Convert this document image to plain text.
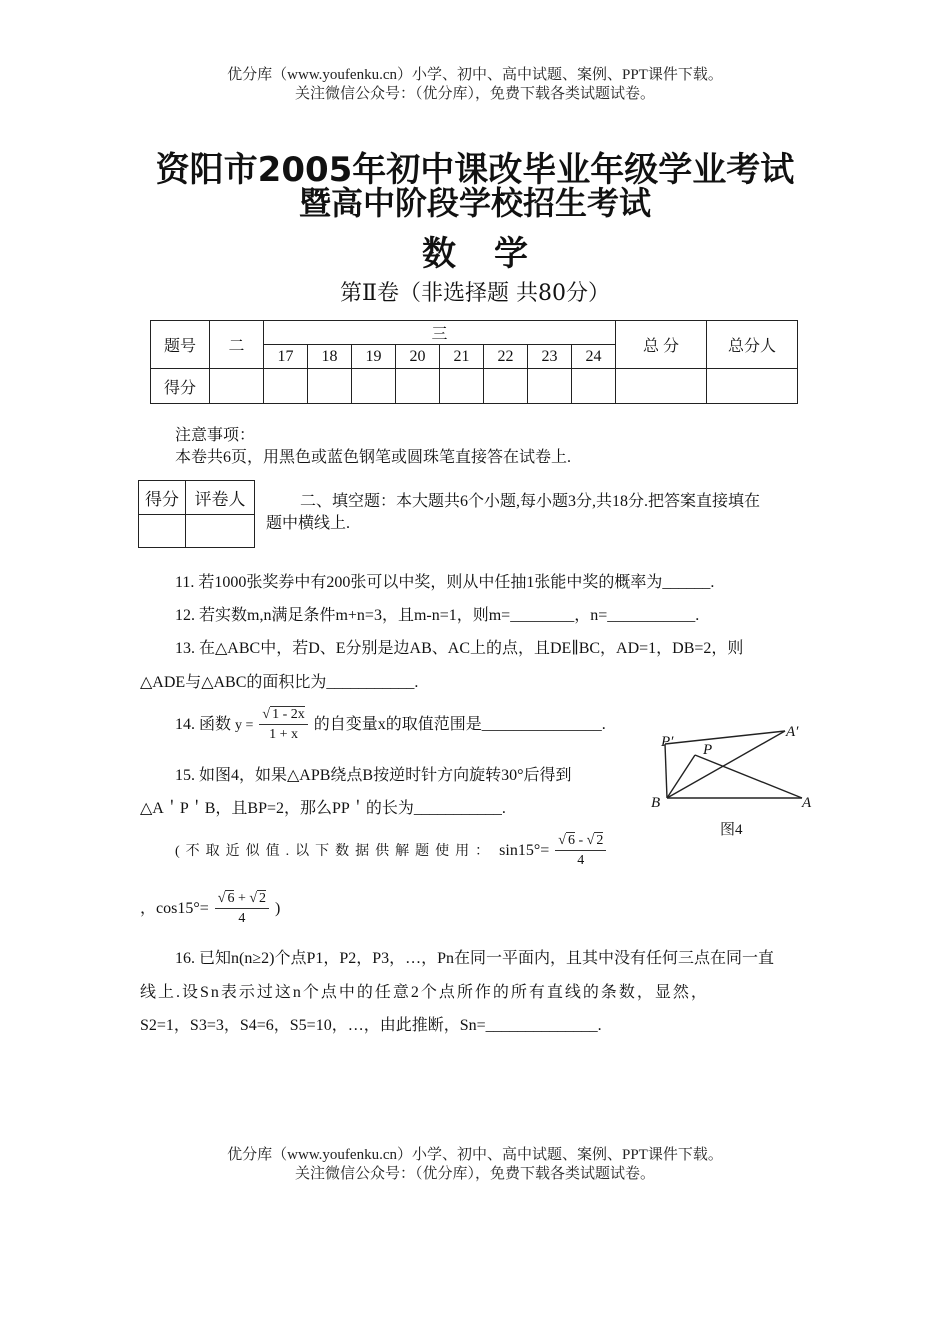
优分库（www.youfenku.cn）小学、初中、高中试题、案例、PPT课件下载。
关注微信公众号：（优分库），免费下载各类试题试卷。
资阳市2005年初中课改毕业年级学业考试
暨高中阶段学校招生考试
数学
第Ⅱ卷（非选择题 共80分）
题号	二	三								总 分	总分人
		17	18	19	20	21	22	23	24		
得分											
注意事项：
本卷共6页，用黑色或蓝色钢笔或圆珠笔直接答在试卷上.
得分	评卷人
		二、填空题：本大题共6个小题,每小题3分,共18分.把答案直接填在
题中横线上.
11. 若1000张奖券中有200张可以中奖，则从中任抽1张能中奖的概率为______.
12. 若实数m,n满足条件m+n=3，且m-n=1，则m=________，n=___________.
13. 在△ABC中，若D、E分别是边AB、AC上的点，且DE∥BC，AD=1，DB=2，则
△ADE与△ABC的面积比为___________.
14. 函数 $y = \frac{√ 1 - 2x}{1 + x}$ 的自变量x的取值范围是_______________.
15. 如图4，如果△APB绕点B按逆时针方向旋转30°后得到
△A＇P＇B，且BP=2，那么PP＇的长为___________.
(不取近似值.以下数据供解题使用： $\sin 15^\circ= \frac{√ 6 - √ 2}{4}$
，$\cos 15^\circ= \frac{√ 6 + √ 2}{4}$ )
16. 已知n(n≥2)个点P1，P2，P3，…，Pn在同一平面内，且其中没有任何三点在同一直
线上.设Sn表示过这n个点中的任意2个点所作的所有直线的条数，显然，
S2=1，S3=3，S4=6，S5=10，…，由此推断，Sn=______________.
P′ P
A′
B	A
图4
优分库（www.youfenku.cn）小学、初中、高中试题、案例、PPT课件下载。
关注微信公众号：（优分库），免费下载各类试题试卷。
